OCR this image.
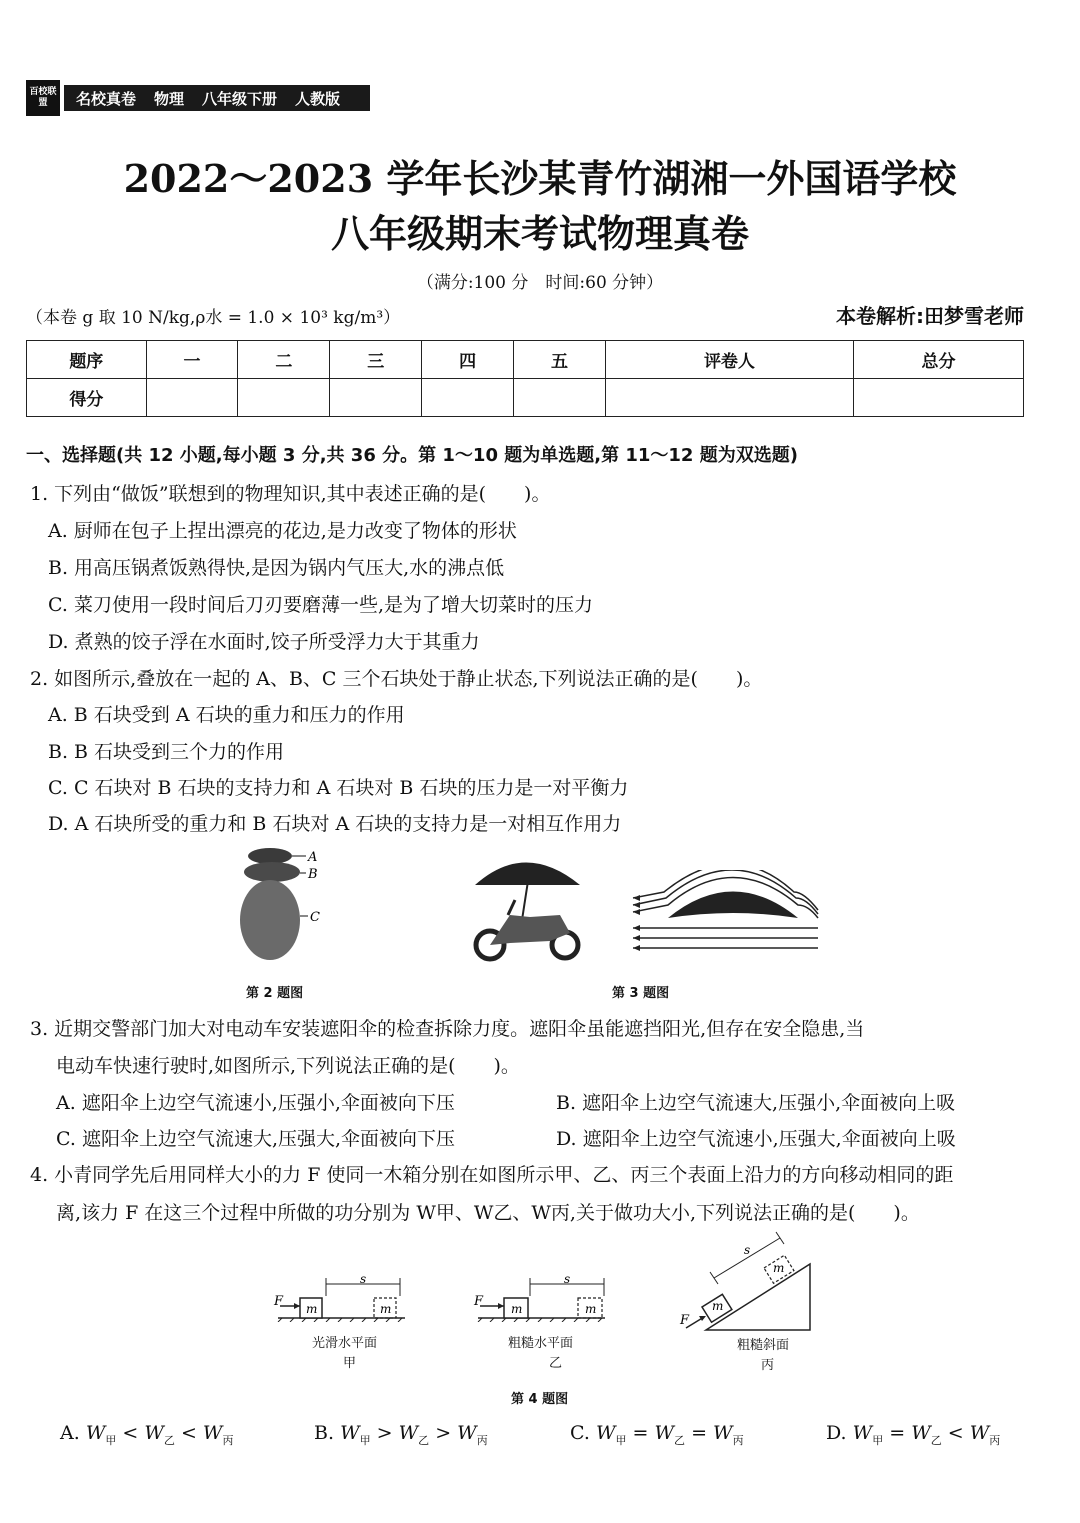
百校联盟	名校真卷 物理 八年级下册 人教版
2022～2023 学年长沙某青竹湖湘一外国语学校
八年级期末考试物理真卷
（满分:100 分　时间:60 分钟）
（本卷 g 取 10 N/kg,ρ水 = 1.0 × 10³ kg/m³）	本卷解析:田梦雪老师
题序	一	二	三	四	五	评卷人	总分
得分							
一、选择题(共 12 小题,每小题 3 分,共 36 分。第 1～10 题为单选题,第 11～12 题为双选题)
1. 下列由“做饭”联想到的物理知识,其中表述正确的是(　　)。
A. 厨师在包子上捏出漂亮的花边,是力改变了物体的形状
B. 用高压锅煮饭熟得快,是因为锅内气压大,水的沸点低
C. 菜刀使用一段时间后刀刃要磨薄一些,是为了增大切菜时的压力
D. 煮熟的饺子浮在水面时,饺子所受浮力大于其重力
2. 如图所示,叠放在一起的 A、B、C 三个石块处于静止状态,下列说法正确的是(　　)。
A. B 石块受到 A 石块的重力和压力的作用
B. B 石块受到三个力的作用
C. C 石块对 B 石块的支持力和 A 石块对 B 石块的压力是一对平衡力
D. A 石块所受的重力和 B 石块对 A 石块的支持力是一对相互作用力
A
B
C
第 2 题图	第 3 题图
3. 近期交警部门加大对电动车安装遮阳伞的检查拆除力度。遮阳伞虽能遮挡阳光,但存在安全隐患,当
电动车快速行驶时,如图所示,下列说法正确的是(　　)。
A. 遮阳伞上边空气流速小,压强小,伞面被向下压	B. 遮阳伞上边空气流速大,压强小,伞面被向上吸
C. 遮阳伞上边空气流速大,压强大,伞面被向下压	D. 遮阳伞上边空气流速小,压强大,伞面被向上吸
4. 小青同学先后用同样大小的力 F 使同一木箱分别在如图所示甲、乙、丙三个表面上沿力的方向移动相同的距
离,该力 F 在这三个过程中所做的功分别为 W甲、W乙、W丙,关于做功大小,下列说法正确的是(　　)。
F m	m
s
光滑水平面
甲
F m	m
s
粗糙水平面
乙
F
m
m
s
粗糙斜面
丙
第 4 题图
A. $W_甲 < W_乙 < W_丙$	B. $W_甲 > W_乙 > W_丙$	C. $W_甲 = W_乙 = W_丙$	D. $W_甲 = W_乙 < W_丙$
